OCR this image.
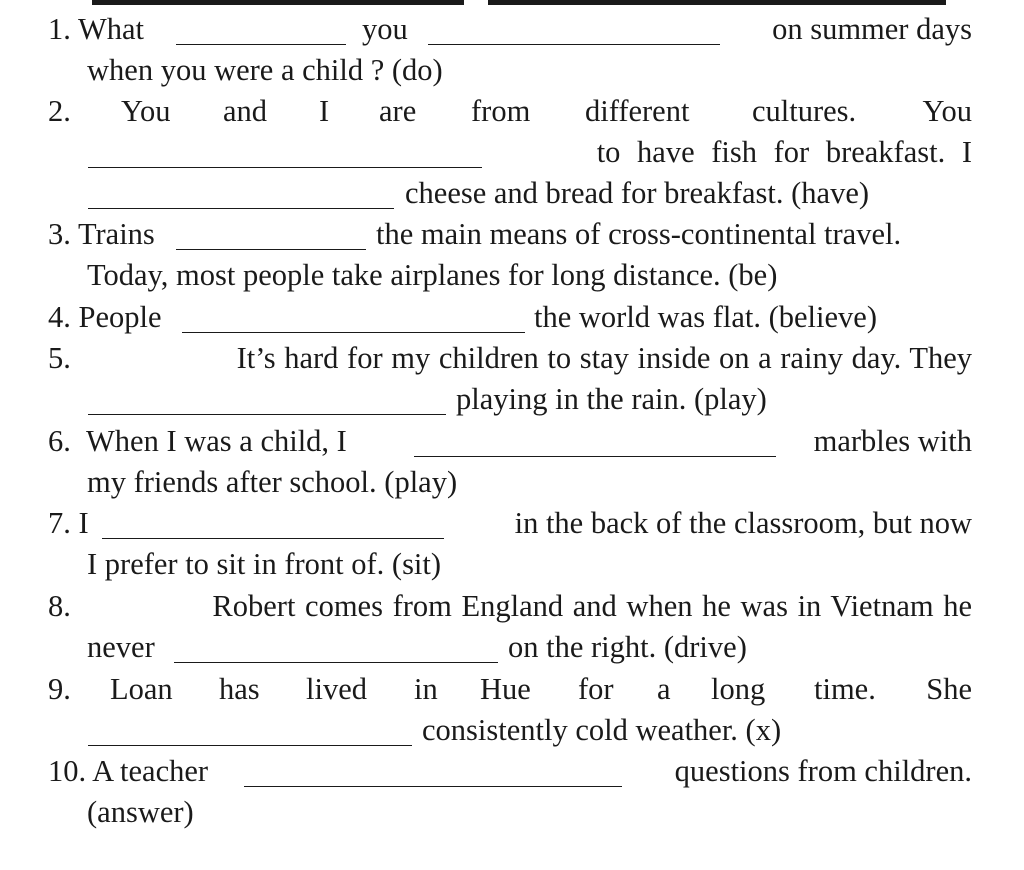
1. What	you	on summer days
when you were a child ? (do)
2. You and I are from different cultures. You
to have fish for breakfast. I
cheese and bread for breakfast. (have)
3. Trains	the main means of cross-continental travel.
Today, most people take airplanes for long distance. (be)
4. People	the world was flat. (believe)
5.	It’s hard for my children to stay inside on a rainy day. They
playing in the rain. (play)
6. When I was a child, I	marbles with
my friends after school. (play)
7. I	in the back of the classroom, but now
I prefer to sit in front of. (sit)
8.	Robert comes from England and when he was in Vietnam he
never	on the right. (drive)
9. Loan has lived in Hue for a long time. She
consistently cold weather. (x)
10. A teacher	questions from children.
(answer)
